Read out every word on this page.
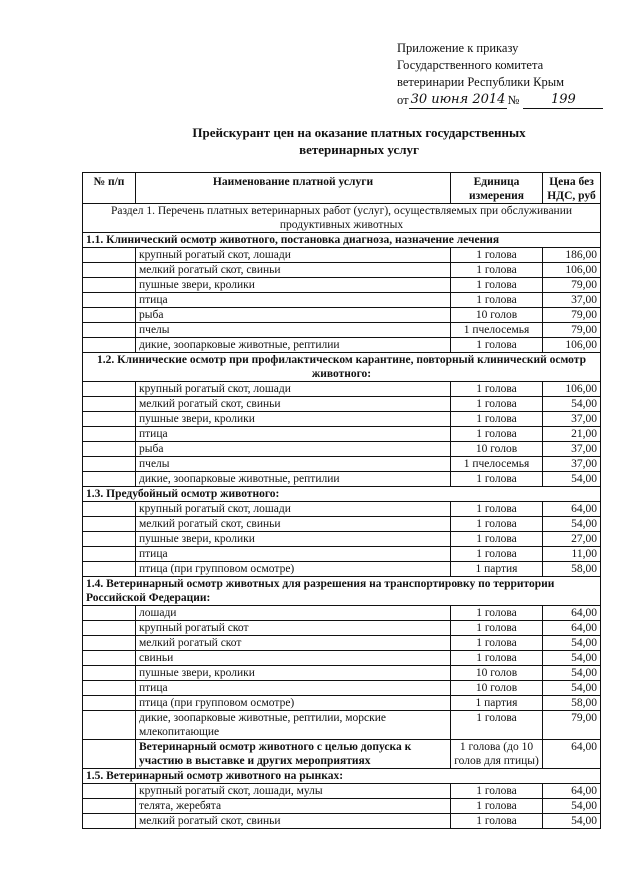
Приложение к приказу
Государственного комитета
ветеринарии Республики Крым
от 30 июня 2014 №	199
Прейскурант цен на оказание платных государственных
ветеринарных услуг
№ п/п	Наименование платной услуги	Единица измерения	Цена без НДС, руб
Раздел 1. Перечень платных ветеринарных работ (услуг), осуществляемых при обслуживании продуктивных животных			
1.1. Клинический осмотр животного, постановка диагноза, назначение лечения			
	крупный рогатый скот, лошади	1 голова	186,00
	мелкий рогатый скот, свиньи	1 голова	106,00
	пушные звери, кролики	1 голова	79,00
	птица	1 голова	37,00
	рыба	10 голов	79,00
	пчелы	1 пчелосемья	79,00
	дикие, зоопарковые животные, рептилии	1 голова	106,00
1.2. Клинические осмотр при профилактическом карантине, повторный клинический осмотр животного:			
	крупный рогатый скот, лошади	1 голова	106,00
	мелкий рогатый скот, свиньи	1 голова	54,00
	пушные звери, кролики	1 голова	37,00
	птица	1 голова	21,00
	рыба	10 голов	37,00
	пчелы	1 пчелосемья	37,00
	дикие, зоопарковые животные, рептилии	1 голова	54,00
1.3. Предубойный осмотр животного:			
	крупный рогатый скот, лошади	1 голова	64,00
	мелкий рогатый скот, свиньи	1 голова	54,00
	пушные звери, кролики	1 голова	27,00
	птица	1 голова	11,00
	птица (при групповом осмотре)	1 партия	58,00
1.4. Ветеринарный осмотр животных для разрешения на транспортировку по территории Российской Федерации:			
	лошади	1 голова	64,00
	крупный рогатый скот	1 голова	64,00
	мелкий рогатый скот	1 голова	54,00
	свиньи	1 голова	54,00
	пушные звери, кролики	10 голов	54,00
	птица	10 голов	54,00
	птица (при групповом осмотре)	1 партия	58,00
	дикие, зоопарковые животные, рептилии, морские млекопитающие	1 голова	79,00
	Ветеринарный осмотр животного с целью допуска к участию в выставке и других мероприятиях	1 голова (до 10 голов для птицы)	64,00
1.5. Ветеринарный осмотр животного на рынках:			
	крупный рогатый скот, лошади, мулы	1 голова	64,00
	телята, жеребята	1 голова	54,00
	мелкий рогатый скот, свиньи	1 голова	54,00
